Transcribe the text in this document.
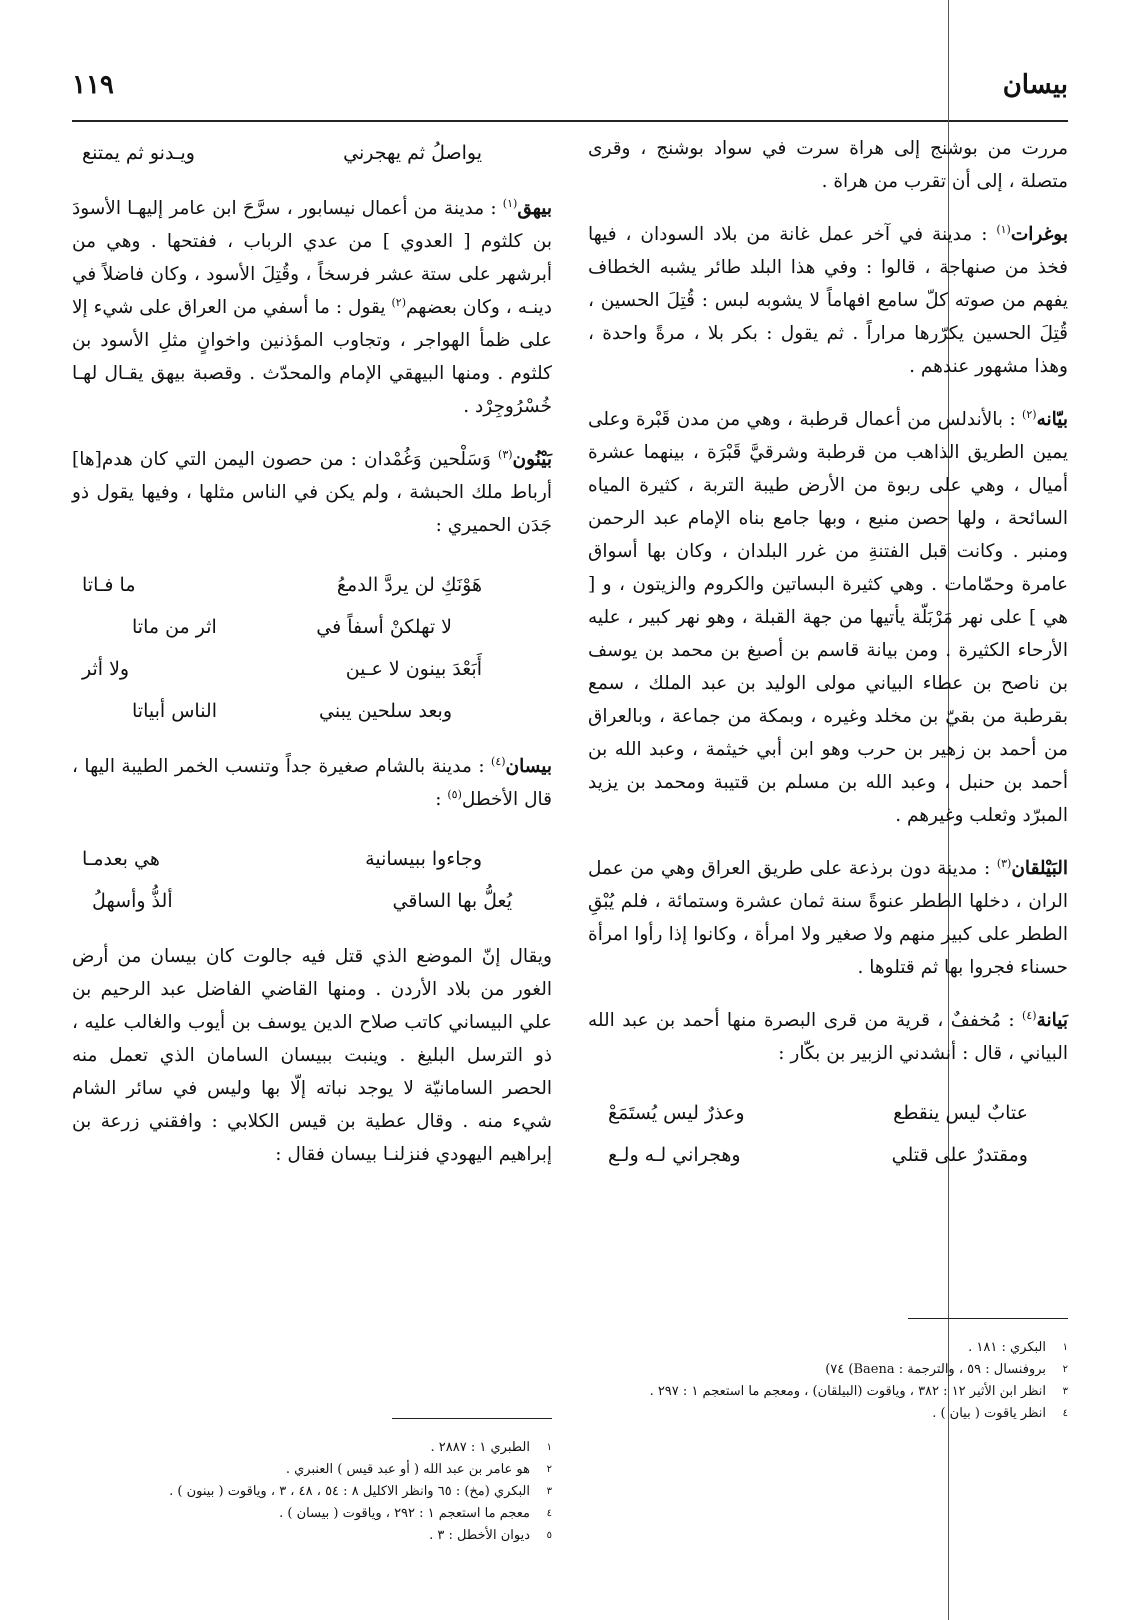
بيسان
١١٩

مررت من بوشنج إلى هراة سرت في سواد بوشنج ، وقرى متصلة ، إلى أن تقرب من هراة .

بوغرات$^{(١)}$ : مدينة في آخر عمل غانة من بلاد السودان ، فيها فخذ من صنهاجة ، قالوا : وفي هذا البلد طائر يشبه الخطاف يفهم من صوته كلّ سامع افهاماً لا يشوبه لبس : قُتِلَ الحسين ، قُتِلَ الحسين يكرّرها مراراً . ثم يقول : بكر بلا ، مرةً واحدة ، وهذا مشهور عندهم .

بيّانه$^{(٢)}$ : بالأندلس من أعمال قرطبة ، وهي من مدن قَبْرة وعلى يمين الطريق الذاهب من قرطبة وشرقيَّ قَبْرَة ، بينهما عشرة أميال ، وهي على ربوة من الأرض طيبة التربة ، كثيرة المياه السائحة ، ولها حصن منيع ، وبها جامع بناه الإمام عبد الرحمن ومنبر . وكانت قبل الفتنةِ من غرر البلدان ، وكان بها أسواق عامرة وحمّامات . وهي كثيرة البساتين والكروم والزيتون ، و [ هي ] على نهر مَرْبَلّة يأتيها من جهة القبلة ، وهو نهر كبير ، عليه الأرحاء الكثيرة . ومن بيانة قاسم بن أصبغ بن محمد بن يوسف بن ناصح بن عطاء البياني مولى الوليد بن عبد الملك ، سمع بقرطبة من بقيّ بن مخلد وغيره ، وبمكة من جماعة ، وبالعراق من أحمد بن زهير بن حرب وهو ابن أبي خيثمة ، وعبد الله بن أحمد بن حنبل ، وعبد الله بن مسلم بن قتيبة ومحمد بن يزيد المبرّد وثعلب وغيرهم .

البَيْلقان$^{(٣)}$ : مدينة دون برذعة على طريق العراق وهي من عمل الران ، دخلها الططر عنوةً سنة ثمان عشرة وستمائة ، فلم يُبْقِ الططر على كبير منهم ولا صغير ولا امرأة ، وكانوا إذا رأوا امرأة حسناء فجروا بها ثم قتلوها .

بَيانة$^{(٤)}$ : مُخففٌ ، قرية من قرى البصرة منها أحمد بن عبد الله البياني ، قال : أنشدني الزبير بن بكّار :

عتابٌ ليس ينقطع
وعذرٌ ليس يُستَمَعْ
ومقتدرٌ على قتلي
وهجراني لـه ولـع
يواصلُ ثم يهجرني
ويـدنو ثم يمتنع

بيهق$^{(١)}$ : مدينة من أعمال نيسابور ، سرَّحَ ابن عامر إليهـا الأسودَ بن كلثوم [ العدوي ] من عدي الرباب ، ففتحها . وهي من أبرشهر على ستة عشر فرسخاً ، وقُتِلَ الأسود ، وكان فاضلاً في دينـه ، وكان بعضهم$^{(٢)}$ يقول : ما أسفي من العراق على شيء إلا على ظمأ الهواجر ، وتجاوب المؤذنين واخوانٍ مثلِ الأسود بن كلثوم . ومنها البيهقي الإمام والمحدّث . وقصبة بيهق يقـال لهـا خُسْرُوجِرْد .

بَيْنُون$^{(٣)}$ وَسَلْحين وَغُمْدان : من حصون اليمن التي كان هدم[ها] أرباط ملك الحبشة ، ولم يكن في الناس مثلها ، وفيها يقول ذو جَدَن الحميري :

هَوْنَكِ لن يردَّ الدمعُ
ما فـاتا
لا تهلكنْ أسفاً في
اثر من ماتا
أَبَعْدَ بينون لا عـين
ولا أثر
وبعد سلحين يبني
الناس أبياتا

بيسان$^{(٤)}$ : مدينة بالشام صغيرة جداً وتنسب الخمر الطيبة اليها ، قال الأخطل$^{(٥)}$ :

وجاءوا ببيسانية
هي بعدمـا
يُعلُّ بها الساقي
ألذُّ وأسهلُ

ويقال إنّ الموضع الذي قتل فيه جالوت كان بيسان من أرض الغور من بلاد الأردن . ومنها القاضي الفاضل عبد الرحيم بن علي البيساني كاتب صلاح الدين يوسف بن أيوب والغالب عليه ، ذو الترسل البليغ . وينبت ببيسان السامان الذي تعمل منه الحصر السامانيّة لا يوجد نباته إلّا بها وليس في سائر الشام شيء منه . وقال عطية بن قيس الكلابي : وافقني زرعة بن إبراهيم اليهودي فنزلنـا بيسان فقال :

١
البكري : ١٨١ .
٢
بروفنسال : ٥٩ ، والترجمة : Baena) ٧٤)
٣
انظر ابن الأثير ١٢ : ٣٨٢ ، وياقوت (البيلقان) ، ومعجم ما استعجم ١ : ٢٩٧ .
٤
انظر ياقوت ( بيان ) .
١
الطبري ١ : ٢٨٨٧ .
٢
هو عامر بن عبد الله ( أو عبد قيس ) العنبري .
٣
البكري (مخ) : ٦٥ وانظر الاكليل ٨ : ٥٤ ، ٤٨ ، ٣ ، وياقوت ( بينون ) .
٤
معجم ما استعجم ١ : ٢٩٢ ، وياقوت ( بيسان ) .
٥
ديوان الأخطل : ٣ .
